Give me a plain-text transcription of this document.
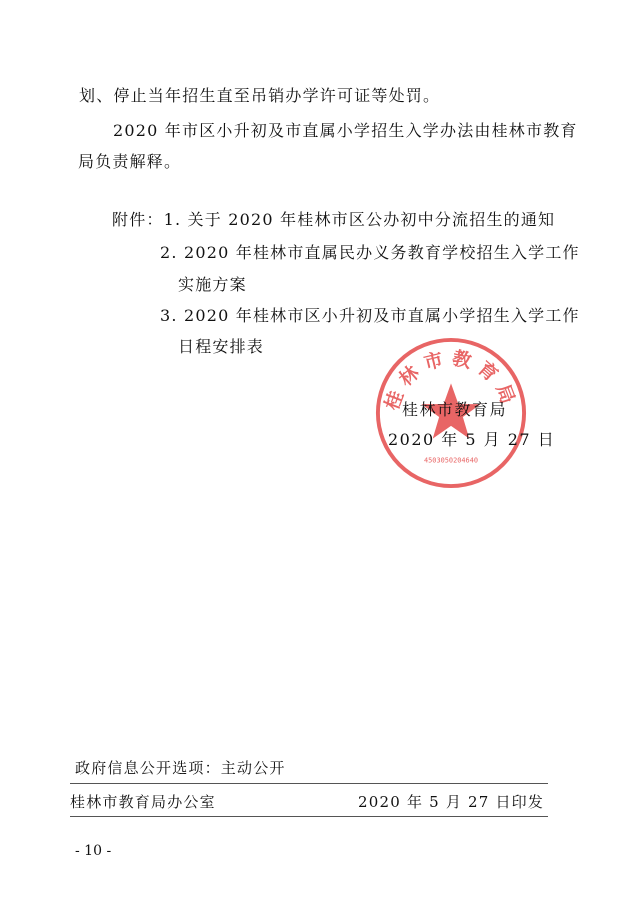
划、停止当年招生直至吊销办学许可证等处罚。
2020 年市区小升初及市直属小学招生入学办法由桂林市教育
局负责解释。
附件：1. 关于 2020 年桂林市区公办初中分流招生的通知
2. 2020 年桂林市直属民办义务教育学校招生入学工作
实施方案
3. 2020 年桂林市区小升初及市直属小学招生入学工作
日程安排表
桂林市教育局
4503050204640
桂林市教育局
2020 年 5 月 27 日
政府信息公开选项：主动公开
桂林市教育局办公室	2020 年 5 月 27 日印发
- 10 -
